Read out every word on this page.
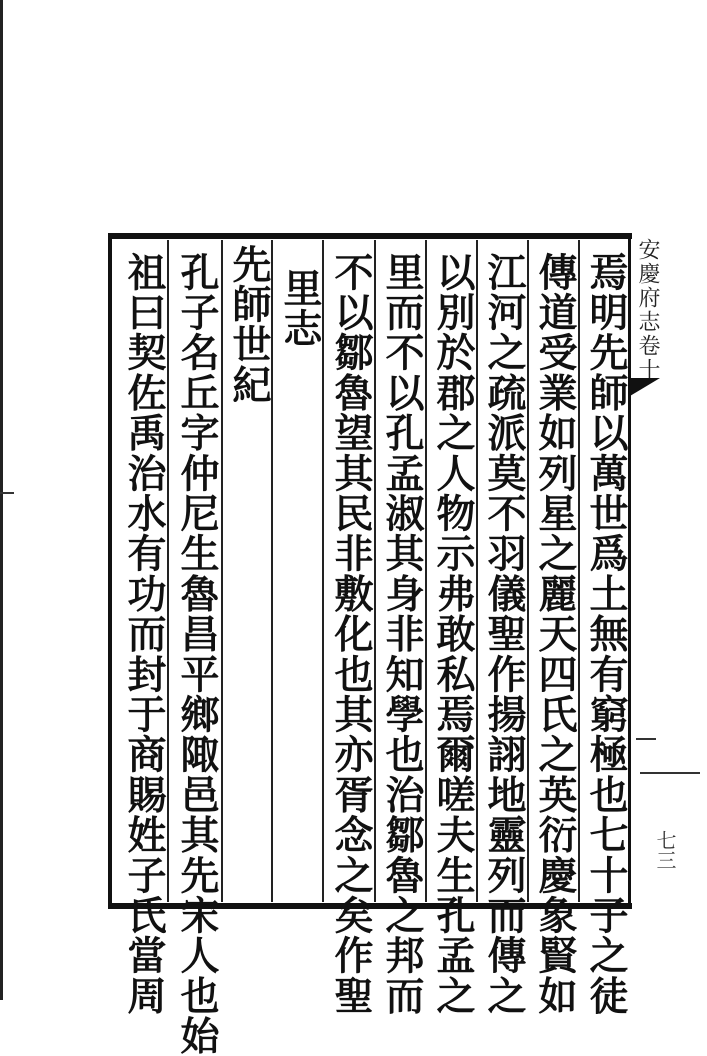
安慶府志卷十
七三
焉明先師以萬世爲土無有窮極也七十子之徒
傳道受業如列星之麗天四氏之英衍慶象賢如
江河之疏派莫不羽儀聖作揚詡地靈列而傳之
以別於郡之人物示弗敢私焉爾嗟夫生孔孟之
里而不以孔孟淑其身非知學也治鄒魯之邦而
不以鄒魯望其民非敷化也其亦胥念之矣作聖
里志
先師世紀
孔子名丘字仲尼生魯昌平鄉陬邑其先宋人也始
祖曰契佐禹治水有功而封于商賜姓子氏當周
